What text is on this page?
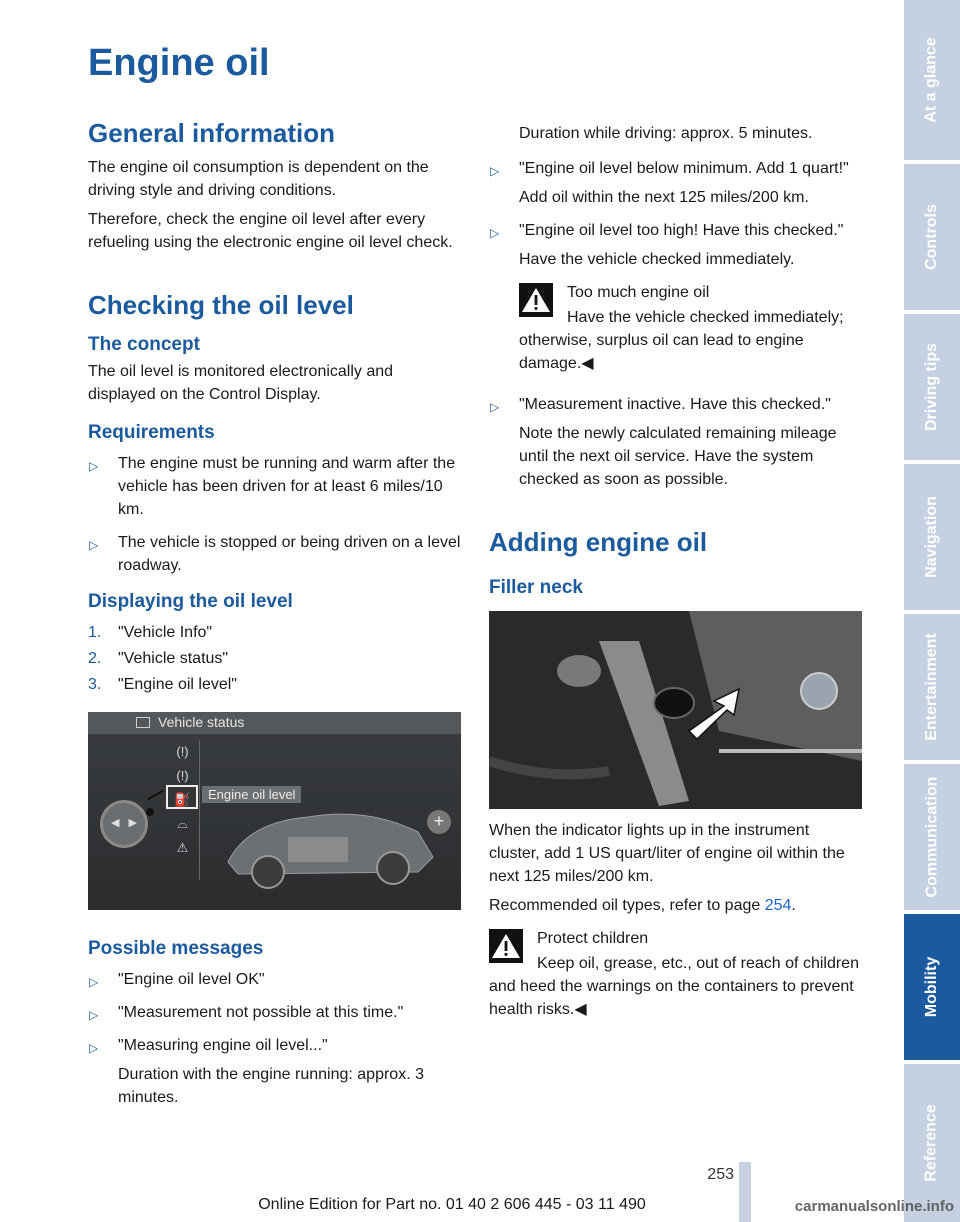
Engine oil
General information

The engine oil consumption is dependent on the driving style and driving conditions.

Therefore, check the engine oil level after every refueling using the electronic engine oil level check.

Checking the oil level
The concept

The oil level is monitored electronically and displayed on the Control Display.

Requirements
▷ The engine must be running and warm after the vehicle has been driven for at least 6 miles/10 km.
▷ The vehicle is stopped or being driven on a level roadway.
Displaying the oil level
1. "Vehicle Info"
2. "Vehicle status"
3. "Engine oil level"
Vehicle status
(!)
(!)
⛽
⌓
⚠
Engine oil level
◀ ▶	+
Possible messages
▷ "Engine oil level OK"
▷ "Measurement not possible at this time."
▷ "Measuring engine oil level..."
Duration with the engine running: approx. 3 minutes.

Duration while driving: approx. 5 minutes.

▷ "Engine oil level below minimum. Add 1 quart!"
Add oil within the next 125 miles/200 km.
▷ "Engine oil level too high! Have this checked."
Have the vehicle checked immediately.

Too much engine oil

Have the vehicle checked immediately; otherwise, surplus oil can lead to engine damage.◀

▷ "Measurement inactive. Have this checked."
Note the newly calculated remaining mileage until the next oil service. Have the system checked as soon as possible.
Adding engine oil
Filler neck

When the indicator lights up in the instrument cluster, add 1 US quart/liter of engine oil within the next 125 miles/200 km.

Recommended oil types, refer to page 254.

Protect children

Keep oil, grease, etc., out of reach of children and heed the warnings on the containers to prevent health risks.◀

At a glance
Controls
Driving tips
Navigation
Entertainment
Communication
Mobility
Reference
253
Online Edition for Part no. 01 40 2 606 445 - 03 11 490	carmanualsonline.info
